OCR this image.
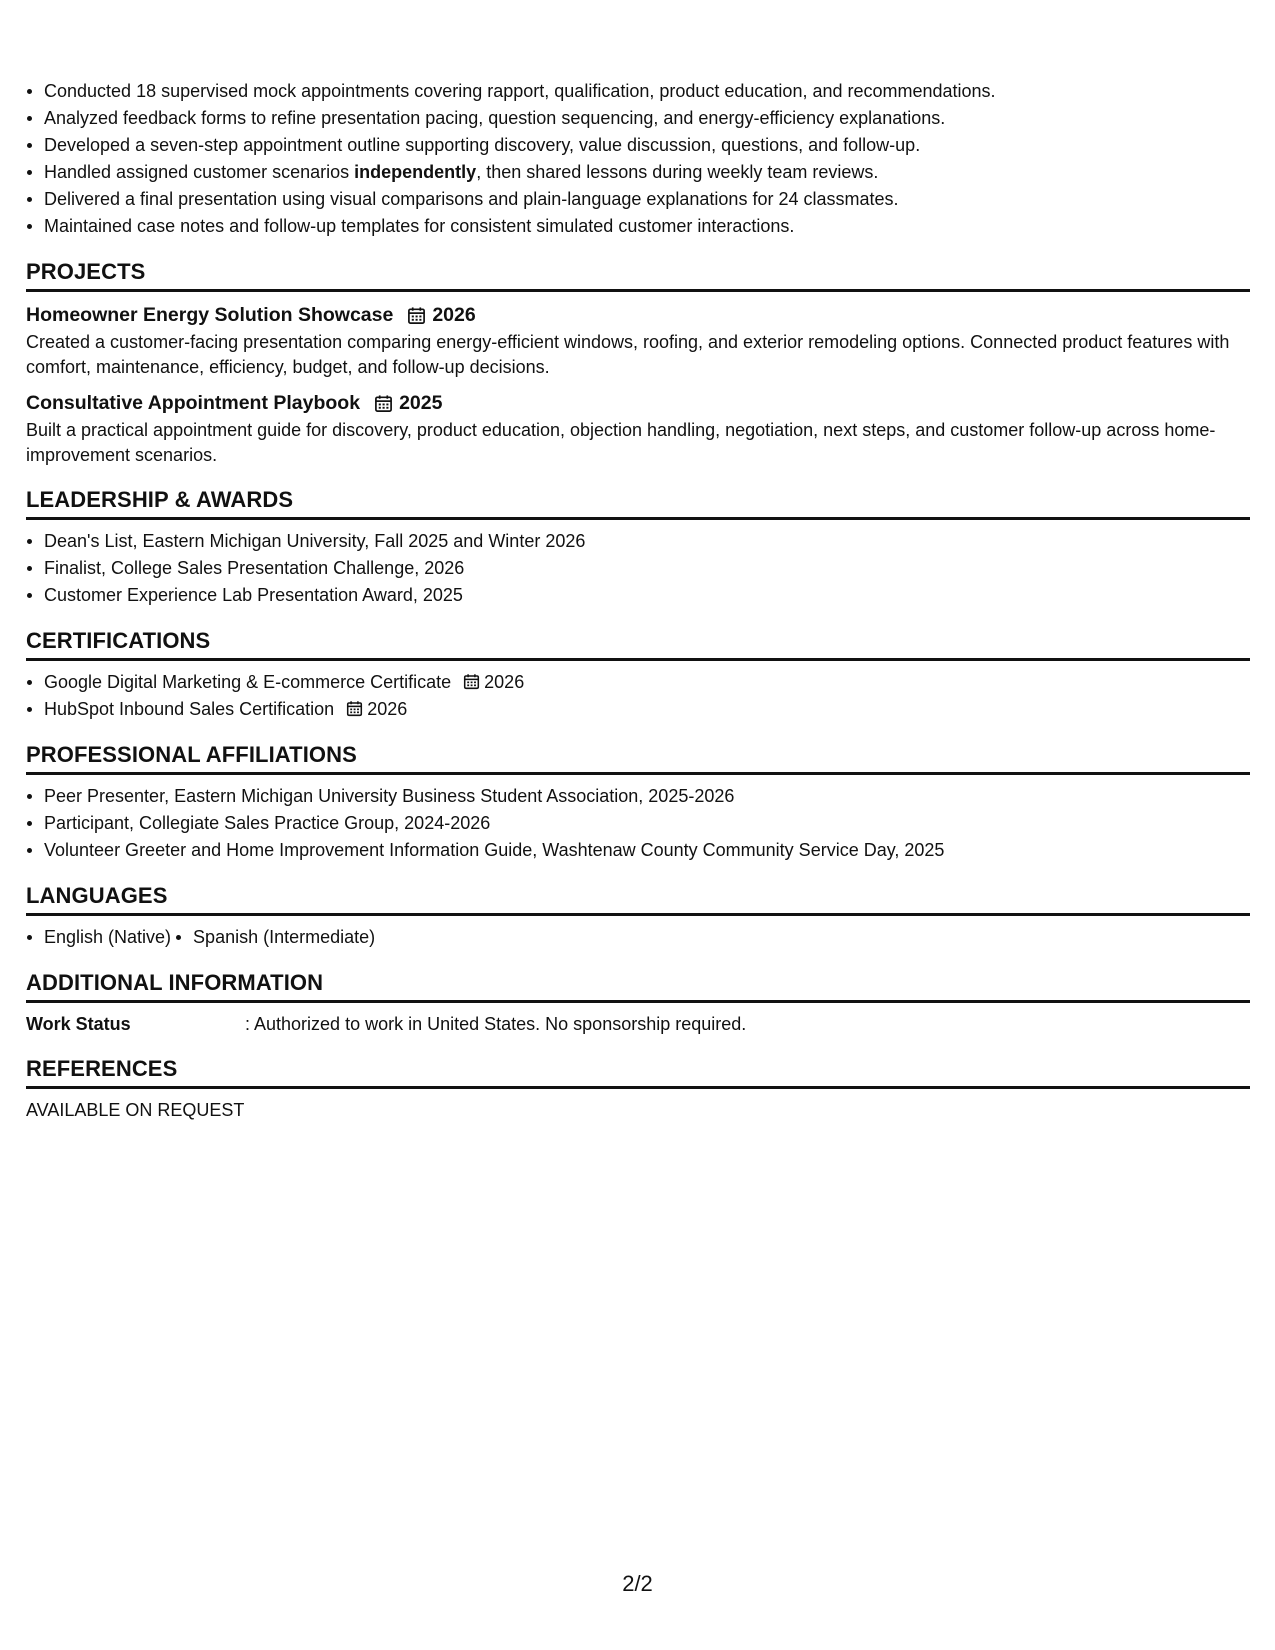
Conducted 18 supervised mock appointments covering rapport, qualification, product education, and recommendations.
Analyzed feedback forms to refine presentation pacing, question sequencing, and energy-efficiency explanations.
Developed a seven-step appointment outline supporting discovery, value discussion, questions, and follow-up.
Handled assigned customer scenarios independently, then shared lessons during weekly team reviews.
Delivered a final presentation using visual comparisons and plain-language explanations for 24 classmates.
Maintained case notes and follow-up templates for consistent simulated customer interactions.
PROJECTS
Homeowner Energy Solution Showcase 2026
Created a customer-facing presentation comparing energy-efficient windows, roofing, and exterior remodeling options. Connected product features with comfort, maintenance, efficiency, budget, and follow-up decisions.
Consultative Appointment Playbook 2025
Built a practical appointment guide for discovery, product education, objection handling, negotiation, next steps, and customer follow-up across home-improvement scenarios.
LEADERSHIP & AWARDS
Dean's List, Eastern Michigan University, Fall 2025 and Winter 2026
Finalist, College Sales Presentation Challenge, 2026
Customer Experience Lab Presentation Award, 2025
CERTIFICATIONS
Google Digital Marketing & E-commerce Certificate 2026
HubSpot Inbound Sales Certification 2026
PROFESSIONAL AFFILIATIONS
Peer Presenter, Eastern Michigan University Business Student Association, 2025-2026
Participant, Collegiate Sales Practice Group, 2024-2026
Volunteer Greeter and Home Improvement Information Guide, Washtenaw County Community Service Day, 2025
LANGUAGES
English (Native) Spanish (Intermediate)
ADDITIONAL INFORMATION
Work Status	: Authorized to work in United States. No sponsorship required.
REFERENCES
AVAILABLE ON REQUEST
2/2
